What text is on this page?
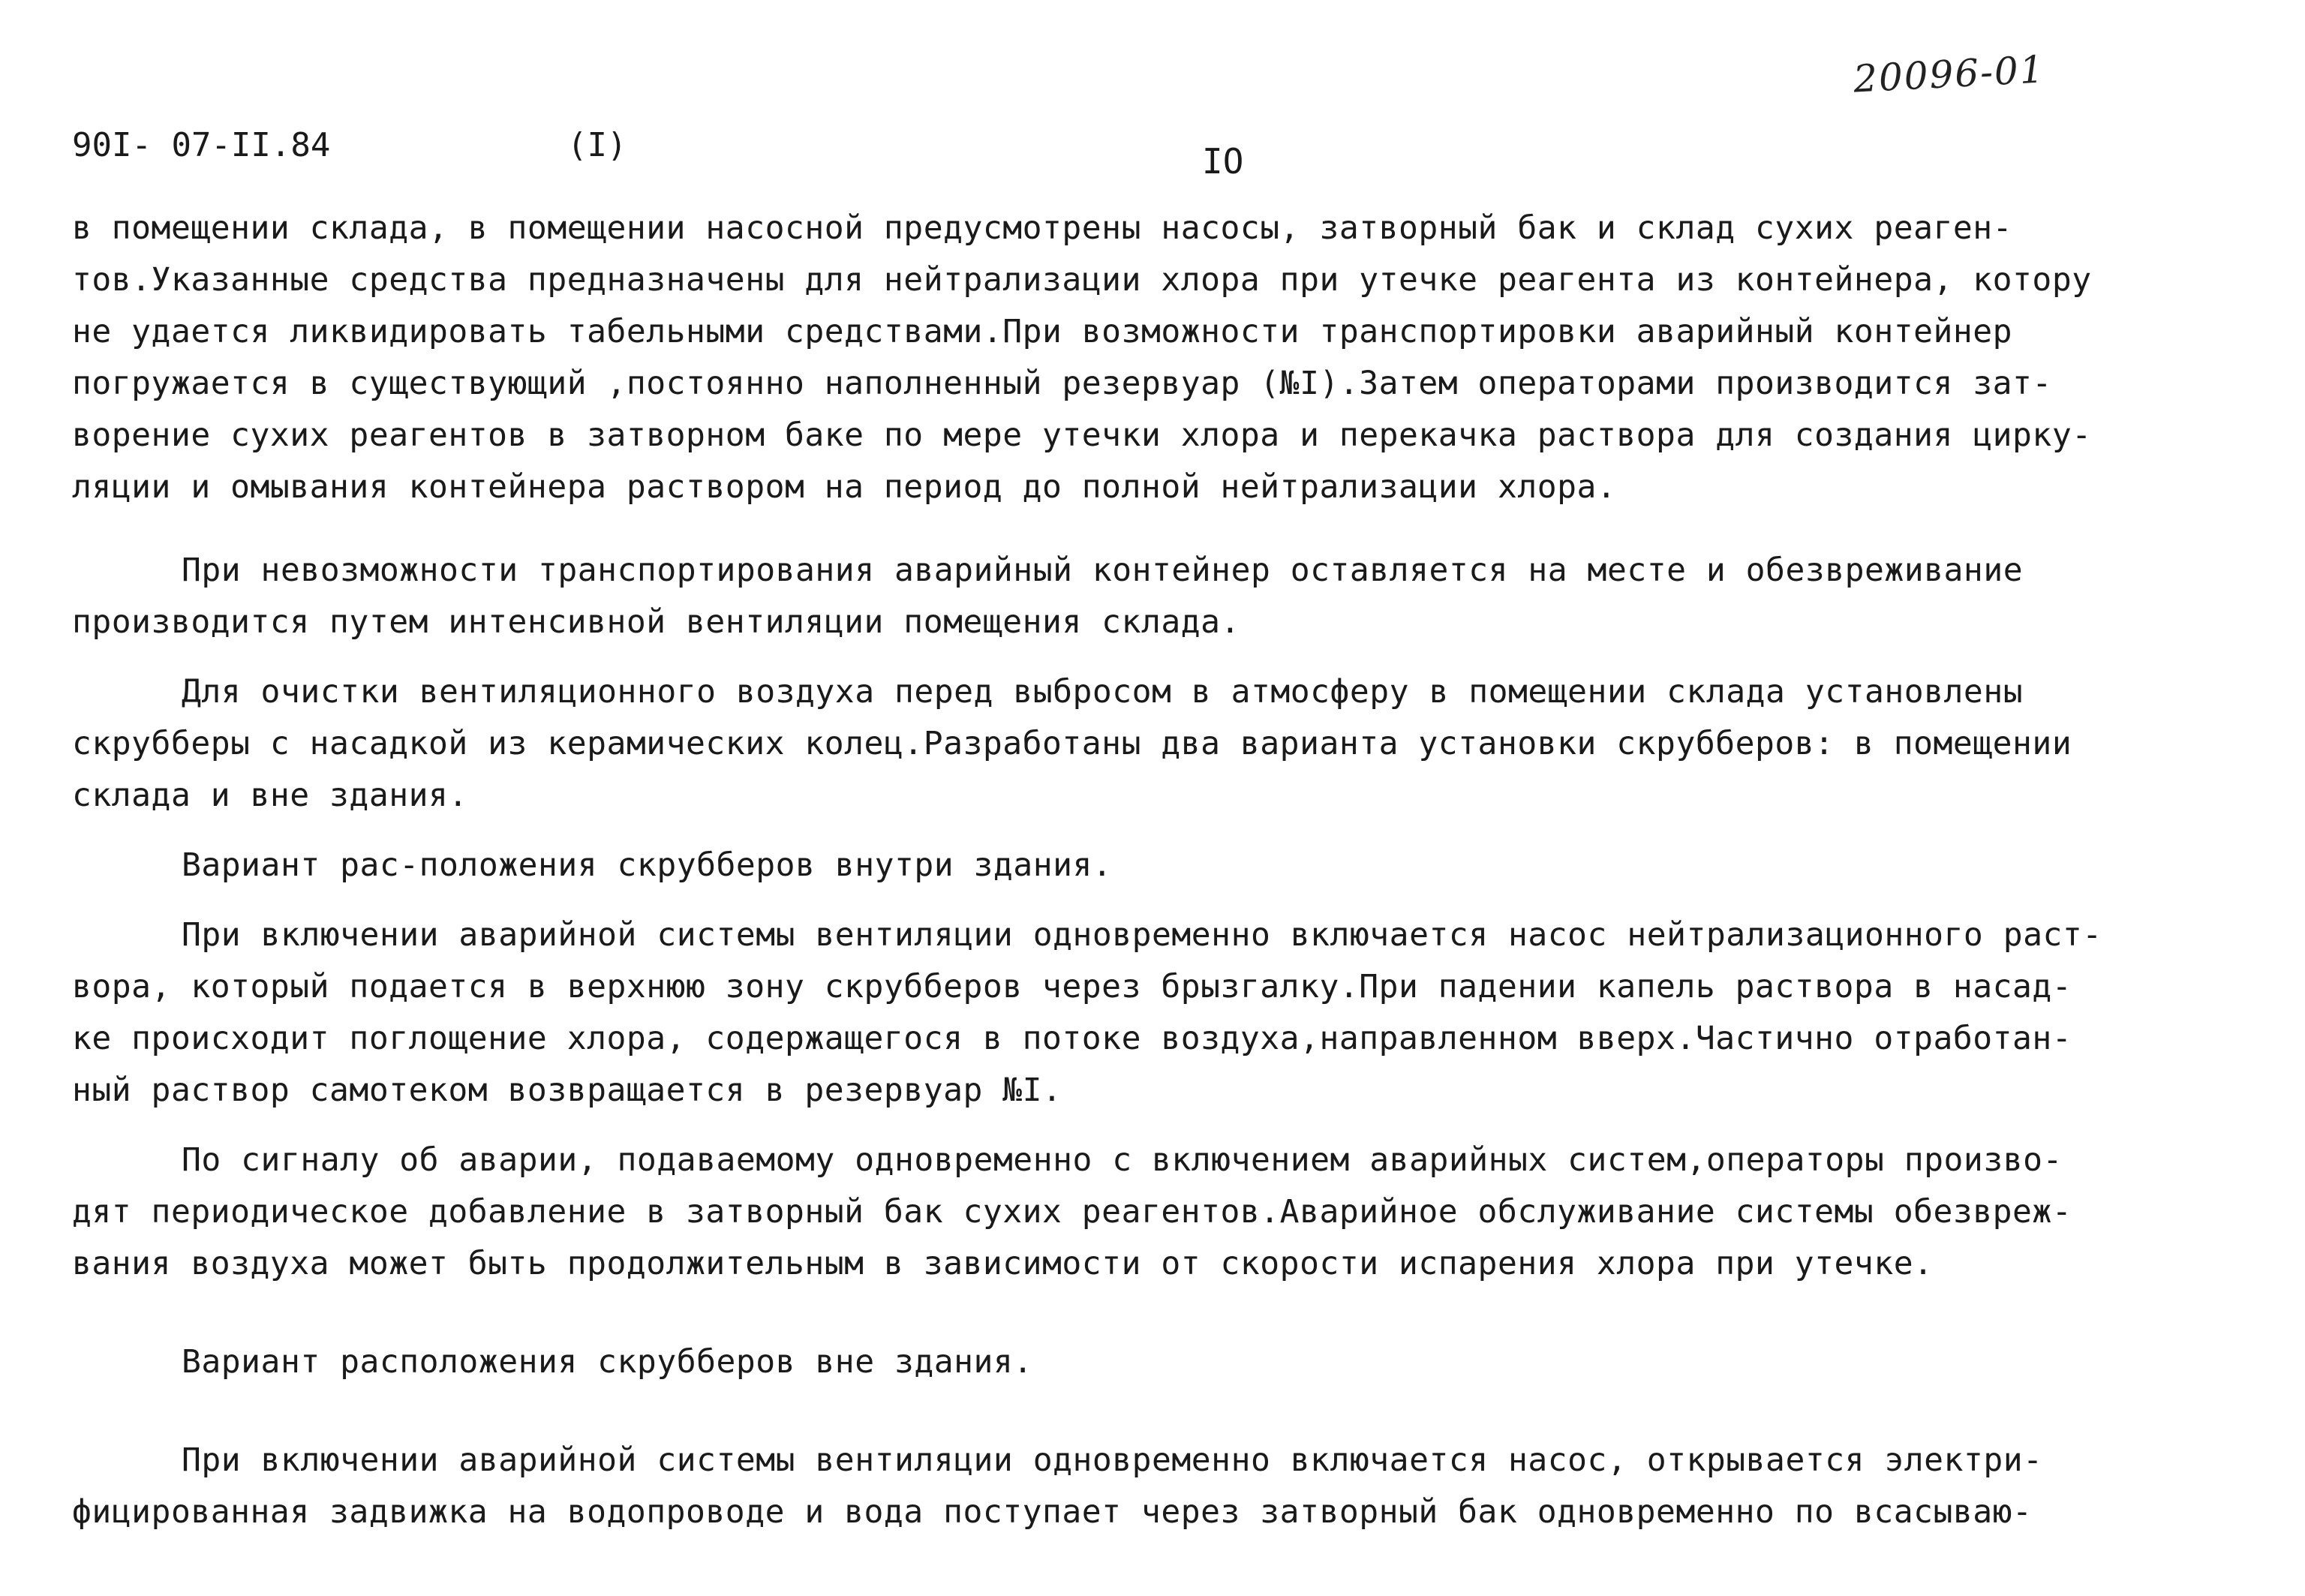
20096-01
90I- 07-II.84	(I)	IO

в помещении склада, в помещении насосной предусмотрены насосы, затворный бак и склад сухих реаген-
тов.Указанные средства предназначены для нейтрализации хлора при утечке реагента из контейнера, котору
не удается ликвидировать табельными средствами.При возможности транспортировки аварийный контейнер
погружается в существующий ,постоянно наполненный резервуар (№I).Затем операторами производится зат-
ворение сухих реагентов в затворном баке по мере утечки хлора и перекачка раствора для создания цирку-
ляции и омывания контейнера раствором на период до полной нейтрализации хлора.

При невозможности транспортирования аварийный контейнер оставляется на месте и обезвреживание

производится путем интенсивной вентиляции помещения склада.

Для очистки вентиляционного воздуха перед выбросом в атмосферу в помещении склада установлены

скрубберы с насадкой из керамических колец.Разработаны два варианта установки скрубберов: в помещении
склада и вне здания.

Вариант рас-положения скрубберов внутри здания.

При включении аварийной системы вентиляции одновременно включается насос нейтрализационного раст-

вора, который подается в верхнюю зону скрубберов через брызгалку.При падении капель раствора в насад-
ке происходит поглощение хлора, содержащегося в потоке воздуха,направленном вверх.Частично отработан-
ный раствор самотеком возвращается в резервуар №I.

По сигналу об аварии, подаваемому одновременно с включением аварийных систем,операторы произво-

дят периодическое добавление в затворный бак сухих реагентов.Аварийное обслуживание системы обезвреж-
вания воздуха может быть продолжительным в зависимости от скорости испарения хлора при утечке.

Вариант расположения скрубберов вне здания.

При включении аварийной системы вентиляции одновременно включается насос, открывается электри-

фицированная задвижка на водопроводе и вода поступает через затворный бак одновременно по всасываю-
